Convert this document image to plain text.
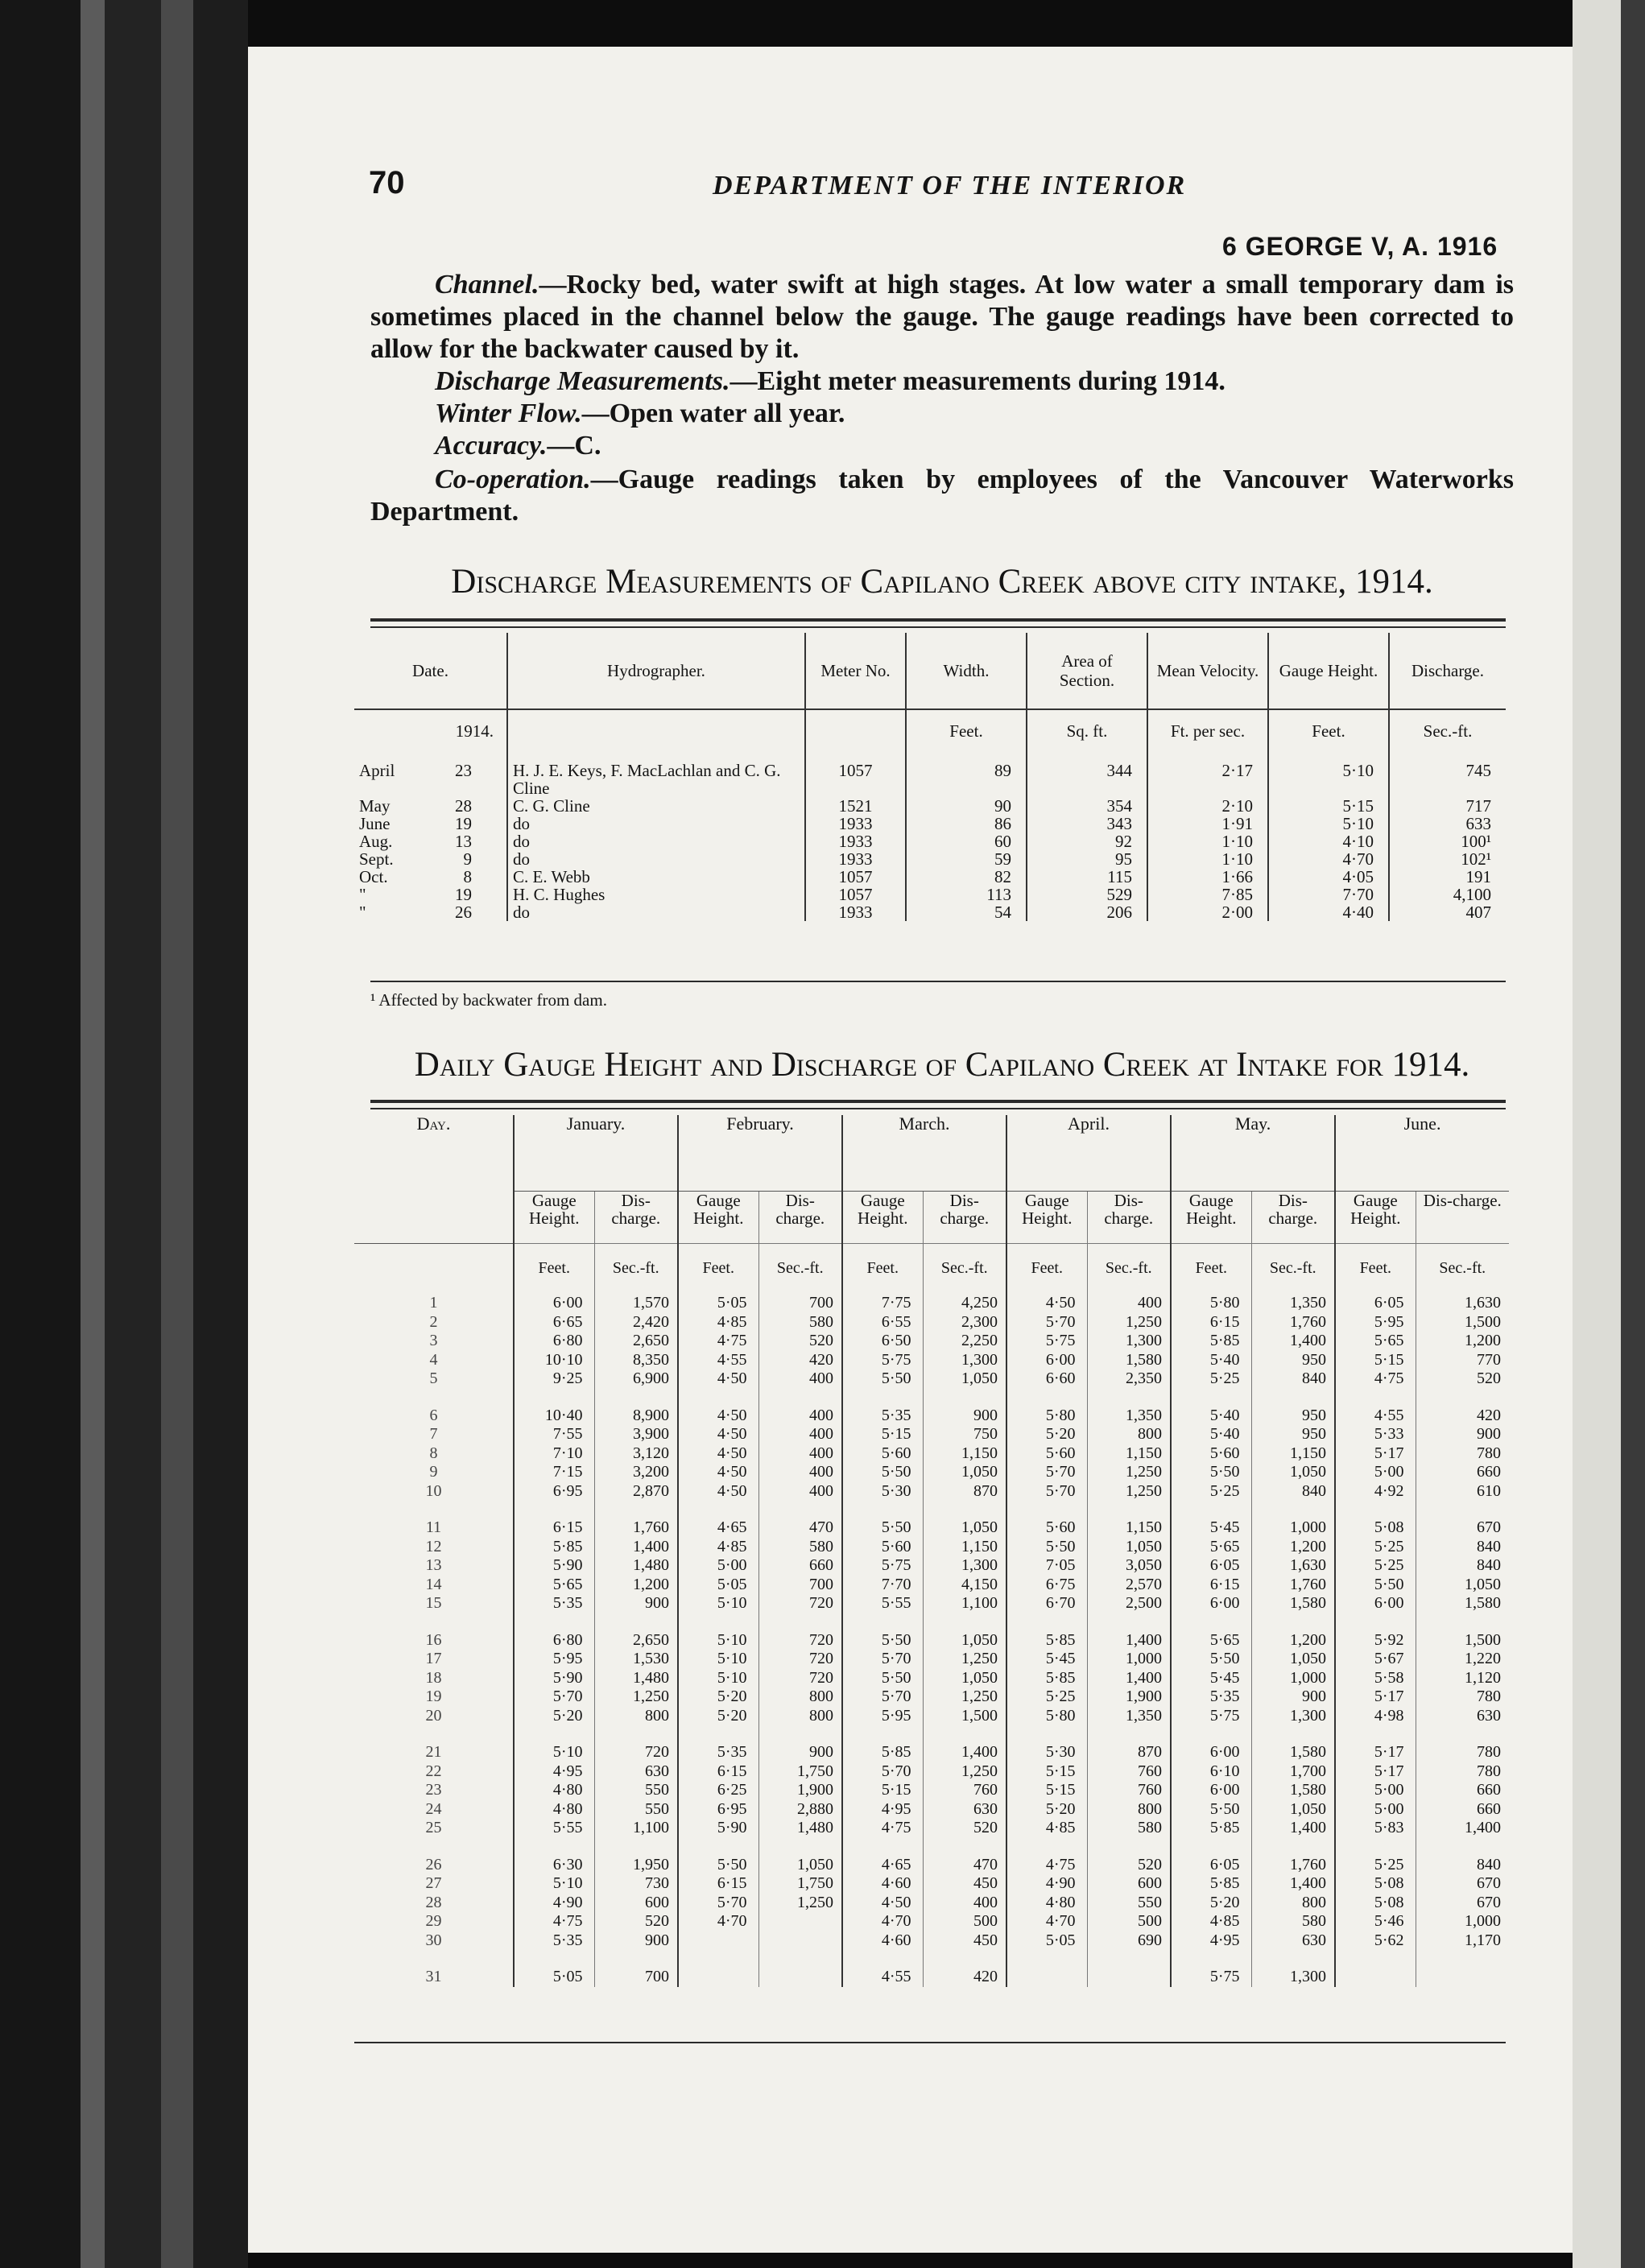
70	DEPARTMENT OF THE INTERIOR
6 GEORGE V, A. 1916
Channel.—Rocky bed, water swift at high stages. At low water a small temporary dam is sometimes placed in the channel below the gauge. The gauge readings have been corrected to allow for the backwater caused by it.
Discharge Measurements.—Eight meter measurements during 1914.
Winter Flow.—Open water all year.
Accuracy.—C.
Co-operation.—Gauge readings taken by employees of the Vancouver Waterworks Department.
Discharge Measurements of Capilano Creek above city intake, 1914.
Date.	Hydrographer.	Meter No.	Width.	Area of Section.	Mean Velocity.	Gauge Height.	Discharge.

1914.			Feet.	Sq. ft.	Ft. per sec.	Feet.	Sec.-ft.
April 23	H. J. E. Keys, F. MacLachlan and C. G. Cline	1057	89	344	2·17	5·10	745
May 28	C. G. Cline	1521	90	354	2·10	5·15	717
June 19	do	1933	86	343	1·91	5·10	633
Aug. 13	do	1933	60	92	1·10	4·10	100¹
Sept. 9	do	1933	59	95	1·10	4·70	102¹
Oct. 8	C. E. Webb	1057	82	115	1·66	4·05	191
" 19	H. C. Hughes	1057	113	529	7·85	7·70	4,100
" 26	do	1933	54	206	2·00	4·40	407
¹ Affected by backwater from dam.
Daily Gauge Height and Discharge of Capilano Creek at Intake for 1914.
Day.	January.		February.		March.		April.		May.		June.	
	Gauge Height.	Dis-charge.	Gauge Height.	Dis-charge.	Gauge Height.	Dis-charge.	Gauge Height.	Dis-charge.	Gauge Height.	Dis-charge.	Gauge Height.	Dis-charge.
	Feet.	Sec.-ft.	Feet.	Sec.-ft.	Feet.	Sec.-ft.	Feet.	Sec.-ft.	Feet.	Sec.-ft.	Feet.	Sec.-ft.
1	6·00	1,570	5·05	700	7·75	4,250	4·50	400	5·80	1,350	6·05	1,630
2	6·65	2,420	4·85	580	6·55	2,300	5·70	1,250	6·15	1,760	5·95	1,500
3	6·80	2,650	4·75	520	6·50	2,250	5·75	1,300	5·85	1,400	5·65	1,200
4	10·10	8,350	4·55	420	5·75	1,300	6·00	1,580	5·40	950	5·15	770
5	9·25	6,900	4·50	400	5·50	1,050	6·60	2,350	5·25	840	4·75	520

6	10·40	8,900	4·50	400	5·35	900	5·80	1,350	5·40	950	4·55	420
7	7·55	3,900	4·50	400	5·15	750	5·20	800	5·40	950	5·33	900
8	7·10	3,120	4·50	400	5·60	1,150	5·60	1,150	5·60	1,150	5·17	780
9	7·15	3,200	4·50	400	5·50	1,050	5·70	1,250	5·50	1,050	5·00	660
10	6·95	2,870	4·50	400	5·30	870	5·70	1,250	5·25	840	4·92	610

11	6·15	1,760	4·65	470	5·50	1,050	5·60	1,150	5·45	1,000	5·08	670
12	5·85	1,400	4·85	580	5·60	1,150	5·50	1,050	5·65	1,200	5·25	840
13	5·90	1,480	5·00	660	5·75	1,300	7·05	3,050	6·05	1,630	5·25	840
14	5·65	1,200	5·05	700	7·70	4,150	6·75	2,570	6·15	1,760	5·50	1,050
15	5·35	900	5·10	720	5·55	1,100	6·70	2,500	6·00	1,580	6·00	1,580

16	6·80	2,650	5·10	720	5·50	1,050	5·85	1,400	5·65	1,200	5·92	1,500
17	5·95	1,530	5·10	720	5·70	1,250	5·45	1,000	5·50	1,050	5·67	1,220
18	5·90	1,480	5·10	720	5·50	1,050	5·85	1,400	5·45	1,000	5·58	1,120
19	5·70	1,250	5·20	800	5·70	1,250	5·25	1,900	5·35	900	5·17	780
20	5·20	800	5·20	800	5·95	1,500	5·80	1,350	5·75	1,300	4·98	630

21	5·10	720	5·35	900	5·85	1,400	5·30	870	6·00	1,580	5·17	780
22	4·95	630	6·15	1,750	5·70	1,250	5·15	760	6·10	1,700	5·17	780
23	4·80	550	6·25	1,900	5·15	760	5·15	760	6·00	1,580	5·00	660
24	4·80	550	6·95	2,880	4·95	630	5·20	800	5·50	1,050	5·00	660
25	5·55	1,100	5·90	1,480	4·75	520	4·85	580	5·85	1,400	5·83	1,400

26	6·30	1,950	5·50	1,050	4·65	470	4·75	520	6·05	1,760	5·25	840
27	5·10	730	6·15	1,750	4·60	450	4·90	600	5·85	1,400	5·08	670
28	4·90	600	5·70	1,250	4·50	400	4·80	550	5·20	800	5·08	670
29	4·75	520	4·70		4·70	500	4·70	500	4·85	580	5·46	1,000
30	5·35	900			4·60	450	5·05	690	4·95	630	5·62	1,170

31	5·05	700			4·55	420			5·75	1,300		
